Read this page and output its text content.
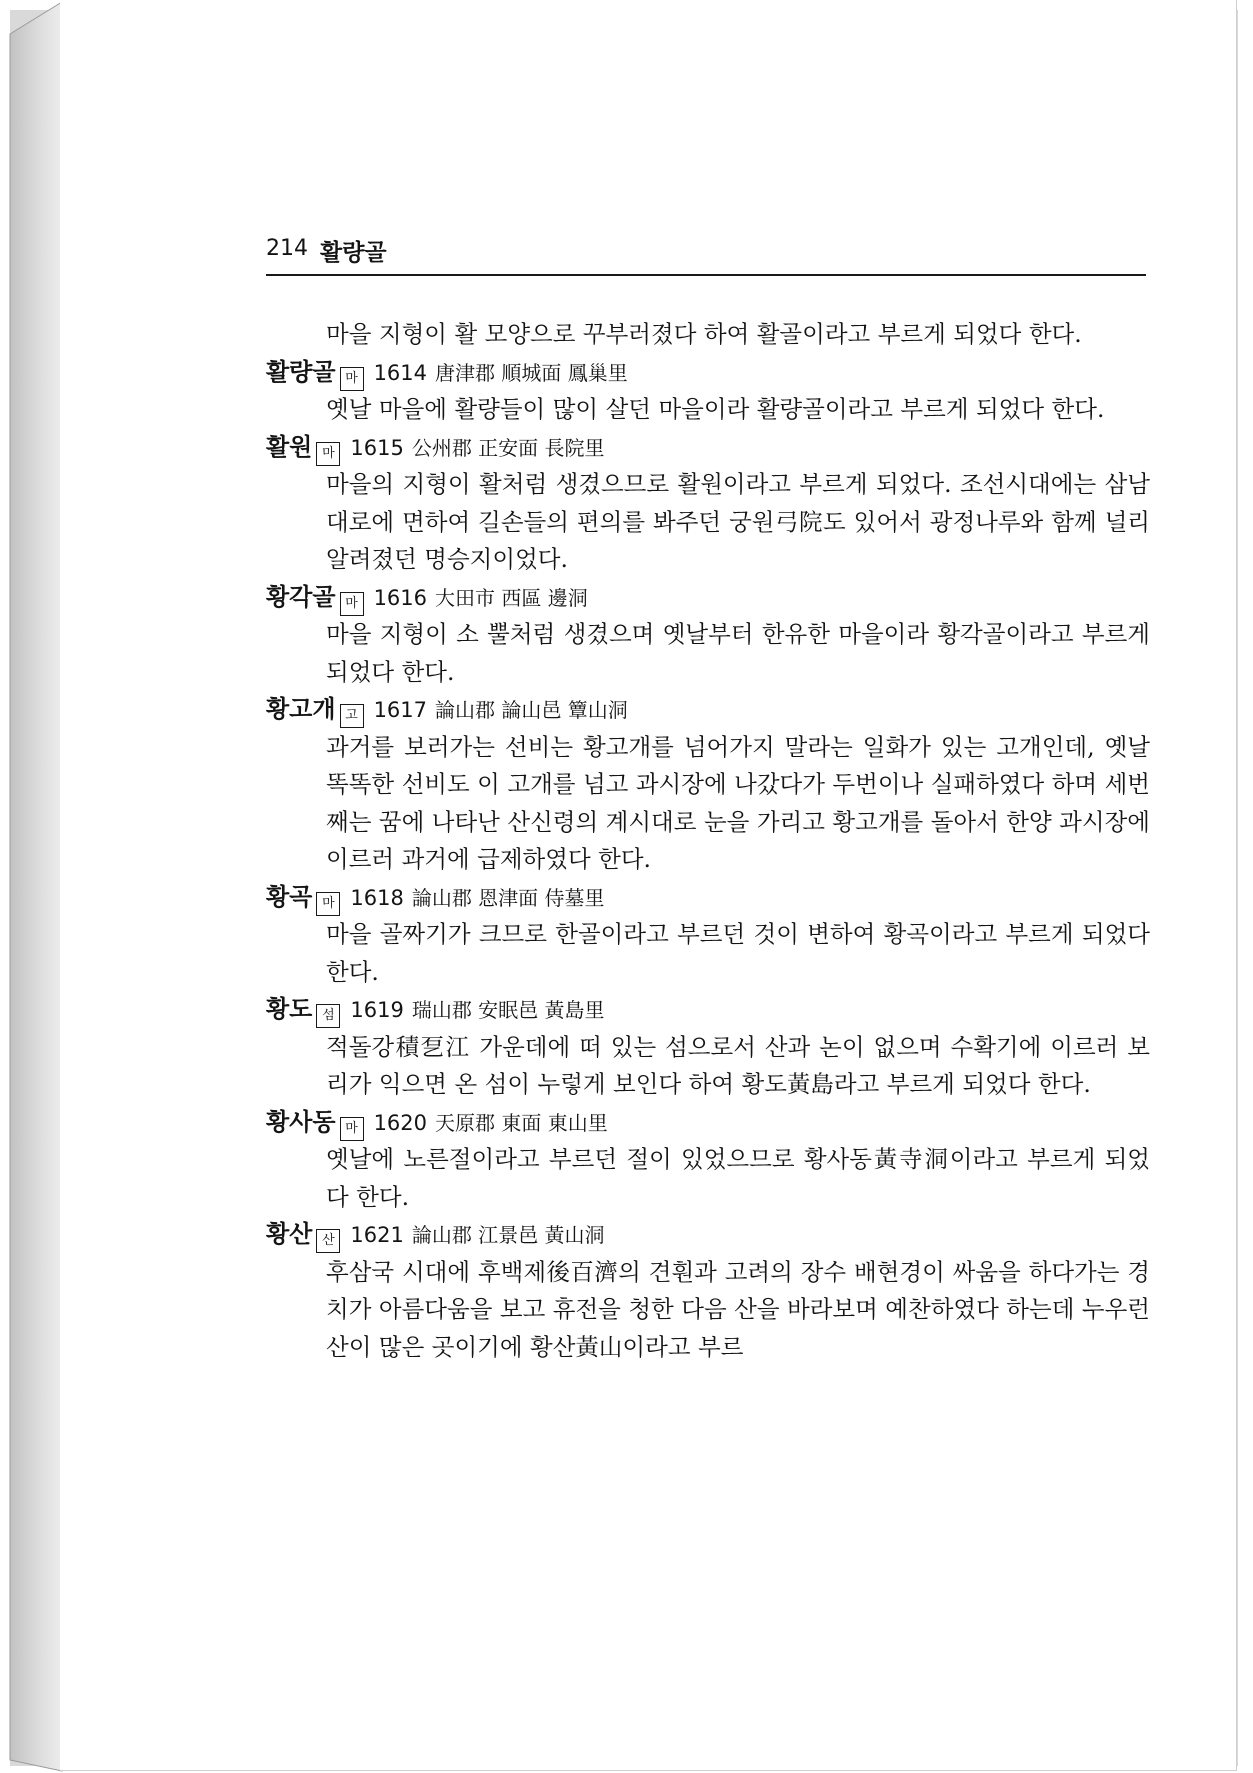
214 활량골
마을 지형이 활 모양으로 꾸부러졌다 하여 활골이라고 부르게 되었다 한다.
활량골 마 1614 唐津郡 順城面 鳳巢里
옛날 마을에 활량들이 많이 살던 마을이라 활량골이라고 부르게 되었다 한다.
활원 마 1615 公州郡 正安面 長院里
마을의 지형이 활처럼 생겼으므로 활원이라고 부르게 되었다. 조선시대에는 삼남대로에 면하여 길손들의 편의를 봐주던 궁원弓院도 있어서 광정나루와 함께 널리 알려졌던 명승지이었다.
황각골 마 1616 大田市 西區 邊洞
마을 지형이 소 뿔처럼 생겼으며 옛날부터 한유한 마을이라 황각골이라고 부르게 되었다 한다.
황고개 고 1617 論山郡 論山邑 簟山洞
과거를 보러가는 선비는 황고개를 넘어가지 말라는 일화가 있는 고개인데, 옛날 똑똑한 선비도 이 고개를 넘고 과시장에 나갔다가 두번이나 실패하였다 하며 세번째는 꿈에 나타난 산신령의 계시대로 눈을 가리고 황고개를 돌아서 한양 과시장에 이르러 과거에 급제하였다 한다.
황곡 마 1618 論山郡 恩津面 侍墓里
마을 골짜기가 크므로 한골이라고 부르던 것이 변하여 황곡이라고 부르게 되었다 한다.
황도 섬 1619 瑞山郡 安眠邑 黃島里
적돌강積乭江 가운데에 떠 있는 섬으로서 산과 논이 없으며 수확기에 이르러 보리가 익으면 온 섬이 누렇게 보인다 하여 황도黃島라고 부르게 되었다 한다.
황사동 마 1620 天原郡 東面 東山里
옛날에 노른절이라고 부르던 절이 있었으므로 황사동黃寺洞이라고 부르게 되었다 한다.
황산 산 1621 論山郡 江景邑 黃山洞
후삼국 시대에 후백제後百濟의 견훤과 고려의 장수 배현경이 싸움을 하다가는 경치가 아름다움을 보고 휴전을 청한 다음 산을 바라보며 예찬하였다 하는데 누우런 산이 많은 곳이기에 황산黃山이라고 부르
